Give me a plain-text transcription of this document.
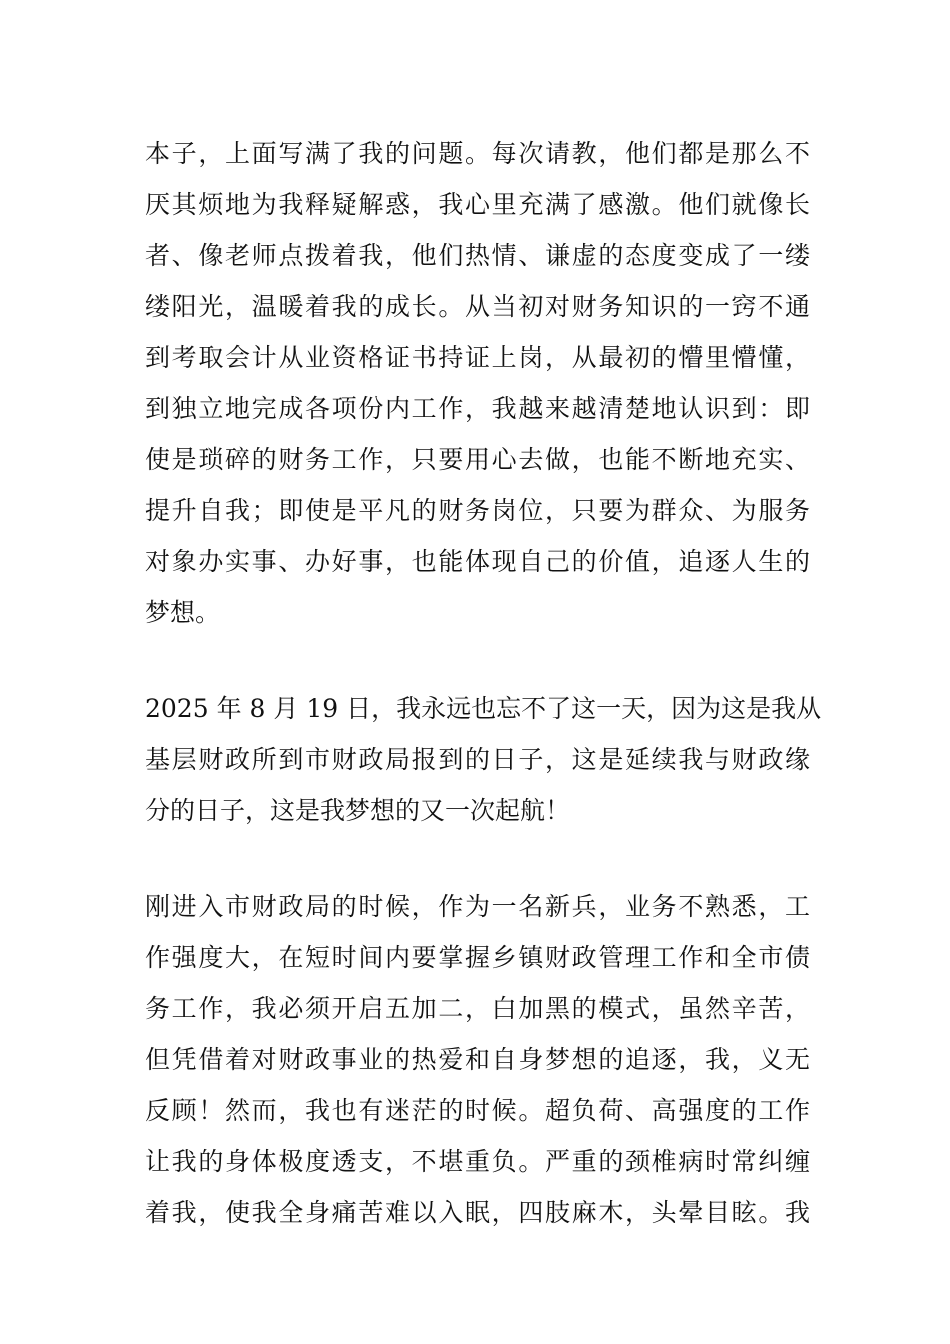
本子，上面写满了我的问题。每次请教，他们都是那么不
厌其烦地为我释疑解惑，我心里充满了感激。他们就像长
者、像老师点拨着我，他们热情、谦虚的态度变成了一缕
缕阳光，温暖着我的成长。从当初对财务知识的一窍不通
到考取会计从业资格证书持证上岗，从最初的懵里懵懂，
到独立地完成各项份内工作，我越来越清楚地认识到：即
使是琐碎的财务工作，只要用心去做，也能不断地充实、
提升自我；即使是平凡的财务岗位，只要为群众、为服务
对象办实事、办好事，也能体现自己的价值，追逐人生的
梦想。
2025 年 8 月 19 日，我永远也忘不了这一天，因为这是我从
基层财政所到市财政局报到的日子，这是延续我与财政缘
分的日子，这是我梦想的又一次起航！
刚进入市财政局的时候，作为一名新兵，业务不熟悉，工
作强度大，在短时间内要掌握乡镇财政管理工作和全市债
务工作，我必须开启五加二，白加黑的模式，虽然辛苦，
但凭借着对财政事业的热爱和自身梦想的追逐，我，义无
反顾！然而，我也有迷茫的时候。超负荷、高强度的工作
让我的身体极度透支，不堪重负。严重的颈椎病时常纠缠
着我，使我全身痛苦难以入眠，四肢麻木，头晕目眩。我
